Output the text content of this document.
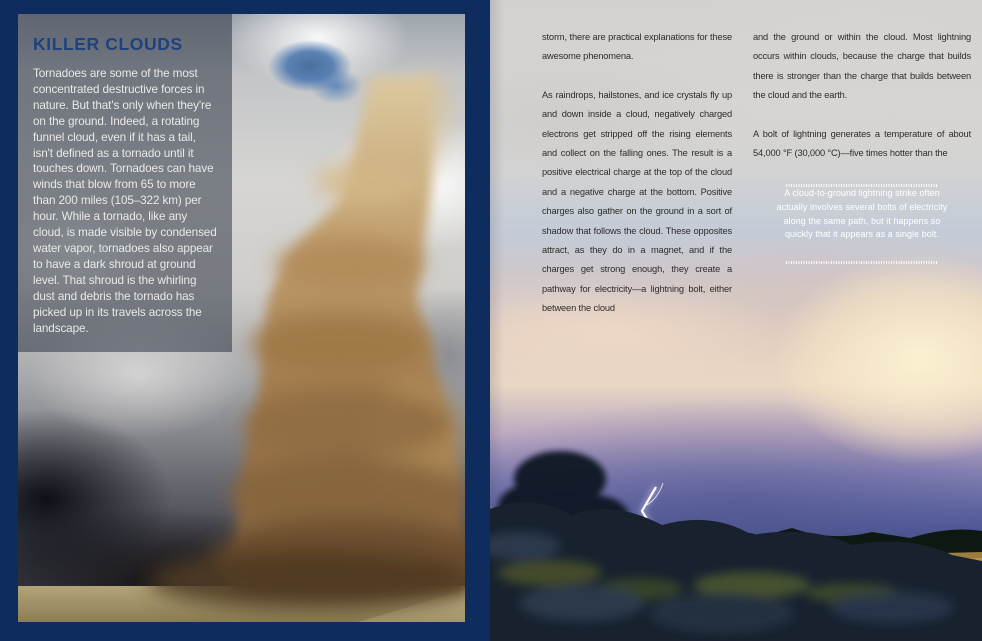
KILLER CLOUDS

Tornadoes are some of the most concentrated destructive forces in nature. But that's only when they're on the ground. Indeed, a rotating funnel cloud, even if it has a tail, isn't defined as a tornado until it touches down. Tornadoes can have winds that blow from 65 to more than 200 miles (105–322 km) per hour. While a tornado, like any cloud, is made visible by condensed water vapor, tornadoes also appear to have a dark shroud at ground level. That shroud is the whirling dust and debris the tornado has picked up in its travels across the landscape.

storm, there are practical explanations for these awesome phenomena.

As raindrops, hailstones, and ice crystals fly up and down inside a cloud, negatively charged electrons get stripped off the rising elements and collect on the falling ones. The result is a positive electrical charge at the top of the cloud and a negative charge at the bottom. Positive charges also gather on the ground in a sort of shadow that follows the cloud. These opposites attract, as they do in a magnet, and if the charges get strong enough, they create a pathway for electricity—a lightning bolt, either between the cloud

and the ground or within the cloud. Most lightning occurs within clouds, because the charge that builds there is stronger than the charge that builds between the cloud and the earth.

A bolt of lightning generates a temperature of about 54,000 °F (30,000 °C)—five times hotter than the

A cloud-to-ground lightning strike often actually involves several bolts of electricity along the same path, but it happens so quickly that it appears as a single bolt.
